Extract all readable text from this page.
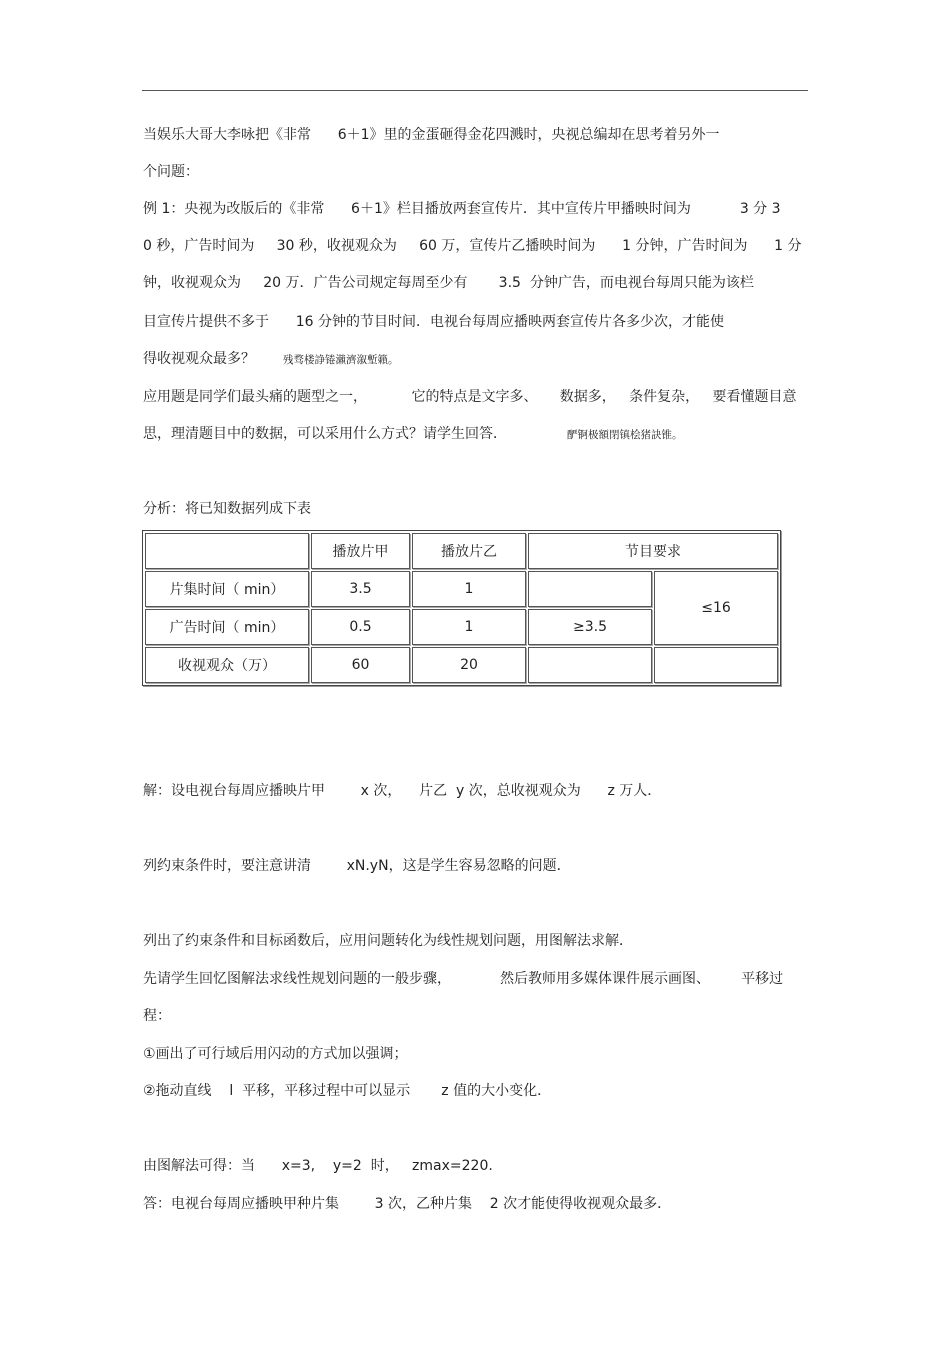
当娱乐大哥大李咏把《非常      6＋1》里的金蛋砸得金花四溅时，央视总编却在思考着另外一
个问题：
例 1：央视为改版后的《非常      6＋1》栏目播放两套宣传片．其中宣传片甲播映时间为           3 分 3
0 秒，广告时间为     30 秒，收视观众为     60 万，宣传片乙播映时间为      1 分钟，广告时间为      1 分
钟，收视观众为     20 万．广告公司规定每周至少有       3.5  分钟广告，而电视台每周只能为该栏
目宣传片提供不多于      16 分钟的节目时间．电视台每周应播映两套宣传片各多少次，才能使
得收视观众最多？	残骛楼諍锩瀨濟溆塹籟。
应用题是同学们最头痛的题型之一，          它的特点是文字多、     数据多，   条件复杂，   要看懂题目意
思，理清题目中的数据，可以采用什么方式？请学生回答．	酽锕极額閉镇桧猪訣锥。
分析：将已知数据列成下表
	播放片甲	播放片乙	节目要求	
片集时间（ min）	3.5	1		≤16
广告时间（ min）	0.5	1	≥3.5	
收视观众（万）	60	20		
解：设电视台每周应播映片甲        x 次，    片乙  y 次，总收视观众为      z 万人．
列约束条件时，要注意讲清        xN.yN，这是学生容易忽略的问题．
列出了约束条件和目标函数后，应用问题转化为线性规划问题，用图解法求解．
先请学生回忆图解法求线性规划问题的一般步骤，           然后教师用多媒体课件展示画图、       平移过
程：
①画出了可行域后用闪动的方式加以强调；
②拖动直线    l  平移，平移过程中可以显示       z 值的大小变化．
由图解法可得：当      x=3,    y=2  时，   zmax=220.
答：电视台每周应播映甲种片集        3 次，乙种片集    2 次才能使得收视观众最多．
